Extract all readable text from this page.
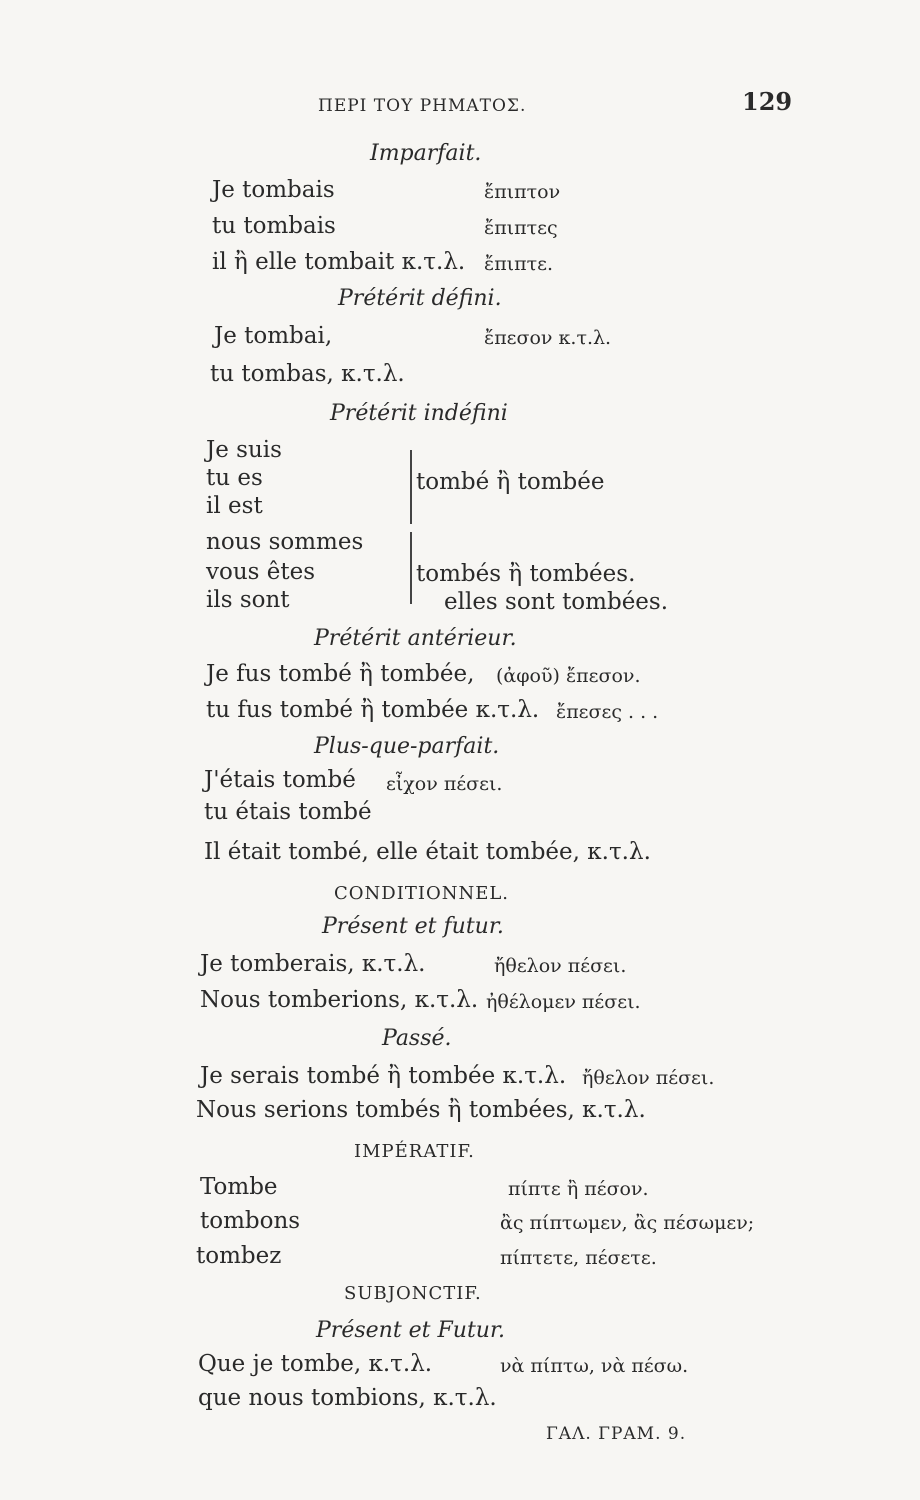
ΠΕΡΙ ΤΟΥ ΡΗΜΑΤΟΣ.	129
Imparfait.
Je tombais	ἔπιπτον
tu tombais	ἔπιπτες
il ἢ elle tombait κ.τ.λ. ἔπιπτε.
Prétérit défini.
Je tombai,	ἔπεσον κ.τ.λ.
tu tombas, κ.τ.λ.
Prétérit indéfini
Je suis
tu es
il est
nous sommes
vous êtes
ils sont
tombé ἢ tombée
tombés ἢ tombées.
elles sont tombées.
Prétérit antérieur.
Je fus tombé ἢ tombée, (ἀφοῦ) ἔπεσον.
tu fus tombé ἢ tombée κ.τ.λ. ἔπεσες . . .
Plus-que-parfait.
J'étais tombé εἶχον πέσει.
tu étais tombé
Il était tombé, elle était tombée, κ.τ.λ.
CONDITIONNEL.
Présent et futur.
Je tomberais, κ.τ.λ.	ἤθελον πέσει.
Nous tomberions, κ.τ.λ. ἠθέλομεν πέσει.
Passé.
Je serais tombé ἢ tombée κ.τ.λ. ἤθελον πέσει.
Nous serions tombés ἢ tombées, κ.τ.λ.
IMPÉRATIF.
Tombe	πίπτε ἢ πέσον.
tombons	ἂς πίπτωμεν, ἂς πέσωμεν;
tombez	πίπτετε, πέσετε.
SUBJONCTIF.
Présent et Futur.
Que je tombe, κ.τ.λ.	νὰ πίπτω, νὰ πέσω.
que nous tombions, κ.τ.λ.
ΓΑΛ. ΓΡΑΜ. 9.
